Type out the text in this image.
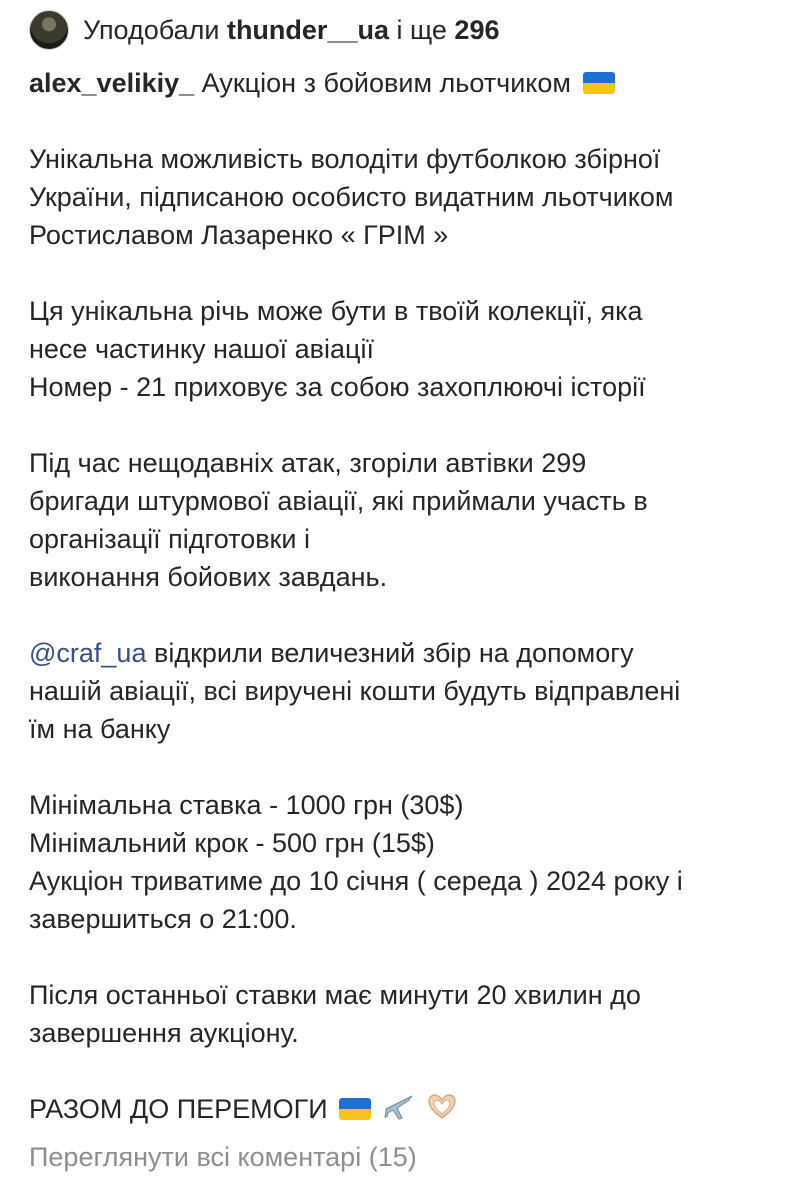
Уподобали thunder__ua і ще 296
alex_velikiy_ Аукціон з бойовим льотчиком
Унікальна можливість володіти футболкою збірної
України, підписаною особисто видатним льотчиком
Ростиславом Лазаренко « ГРІМ »
Ця унікальна річь може бути в твоїй колекції, яка
несе частинку нашої авіації
Номер - 21 приховує за собою захоплюючі історії
Під час нещодавніх атак, згоріли автівки 299
бригади штурмової авіації, які приймали участь в
організації підготовки і
виконання бойових завдань.
@craf_ua відкрили величезний збір на допомогу
нашій авіації, всі виручені кошти будуть відправлені
їм на банку
Мінімальна ставка - 1000 грн (30$)
Мінімальний крок - 500 грн (15$)
Аукціон триватиме до 10 січня ( середа ) 2024 року і
завершиться о 21:00.
Після останньої ставки має минути 20 хвилин до
завершення аукціону.
РАЗОМ ДО ПЕРЕМОГИ
Переглянути всі коментарі (15)
